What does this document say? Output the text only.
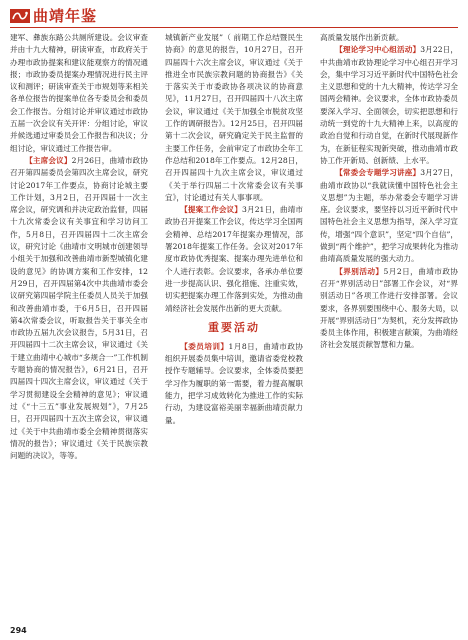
曲靖年鉴

建军、彝族东路公共厕所建设。会议审查并由十九大精神，研读审查，市政府关于办理市政协提案和建议能观察方的情况通报；市政协委员提案办理情况进行民主评议和测评；研读审查关于市规划等来相关各单位报告的提案单位各专委员会和委员会工作报告。分组讨论并审议通过市政协五届一次会议有关开评：分组讨论，审议并候选通过审委员会工作报告和决议；分组讨论，审议通过工作报告审。

【主席会议】2月26日，曲靖市政协召开第四届委员会第四次主席会议，研究讨论2017年工作要点，协商讨论城主要工作计划，3月2日，召开四届十一次主席会议，研究调和并决定政治监督，四届十九次常委会议有关事宜和学习访问工作，5月8日，召开四届四十二次主席会议，研究讨论《曲靖市文明城市创建领导小组关于加强和改善曲靖市新型城镇化建设的意见》的协调方案和工作安排，12月29日，召开四届第4次中共曲靖市委会议研究第四届学院主任委员人员关于加强和改善曲靖市委，于6月5日，召开四届第4次常委会议，听取报告关于事关全市市政协五届九次会议报告，5月31日，召开四届四十二次主席会议，审议通过《关于建立曲靖中心城市“多规合一”工作机制专题协商的情况报告》，6月21日，召开四届四十四次主席会议，审议通过《关于学习贯彻建设全会精神的意见》；审议通过《“十三五”事业发展规划”》，7月25日，召开四届四十五次主席会议，审议通过《关于中共曲靖市委全会精神贯彻落实情况的报告》；审议通过《关于民族宗教问题的决议》，等等。

城镇新产业发展”（ 前期工作总结暨民生协商》的意见的报告，10月27日，召开四届四十六次主席会议，审议通过《关于推进全市民族宗教问题的协商报告》《关于落实关于市委政协各项决议的协商意见》，11月27日，召开四届四十八次主席会议，审议通过《关于加强全市脱贫攻坚工作的调研报告》。12月25日，召开四届第十二次会议，研究确定关于民主监督的主要工作任务，会前审定了市政协全年工作总结和2018年工作要点。12月28日，召开四届四十九次主席会议，审议通过《关于举行四届二十次常委会议有关事宜》，讨论通过有关人事事项。

【提案工作会议】3月21日，曲靖市政协召开提案工作会议，传达学习全国两会精神、总结2017年提案办理情况，部署2018年提案工作任务。会议对2017年度市政协优秀提案、提案办理先进单位和个人进行表彰。会议要求，各承办单位要进一步提高认识、强化措施、注重实效，切实把提案办理工作落到实处，为推动曲靖经济社会发展作出新的更大贡献。

重要活动

【委员培训】1月8日，曲靖市政协组织开展委员集中培训，邀请省委党校教授作专题辅导。会议要求，全体委员要把学习作为履职的第一需要，着力提高履职能力，把学习成效转化为推进工作的实际行动，为建设富裕美丽幸福新曲靖贡献力量。

高质量发展作出新贡献。

【理论学习中心组活动】3月22日，中共曲靖市政协理论学习中心组召开学习会，集中学习习近平新时代中国特色社会主义思想和党的十九大精神，传达学习全国两会精神。会议要求，全体市政协委员要深入学习、全面领会，切实把思想和行动统一到党的十九大精神上来，以高度的政治自觉和行动自觉，在新时代展现新作为，在新征程实现新突破，推动曲靖市政协工作开新局、创新绩、上水平。

【常委会专题学习讲座】3月27日，曲靖市政协以“我就读懂中国特色社会主义思想”为主题，举办常委会专题学习讲座。会议要求，要坚持以习近平新时代中国特色社会主义思想为指导，深入学习宣传，增强“四个意识”，坚定“四个自信”，做到“两个维护”，把学习成果转化为推动曲靖高质量发展的强大动力。

【界别活动】5月2日，曲靖市政协召开“界别活动日”部署工作会议，对“界别活动日”各项工作进行安排部署。会议要求，各界别要围绕中心、服务大局，以开展“界别活动日”为契机，充分发挥政协委员主体作用，积极建言献策，为曲靖经济社会发展贡献智慧和力量。

294
